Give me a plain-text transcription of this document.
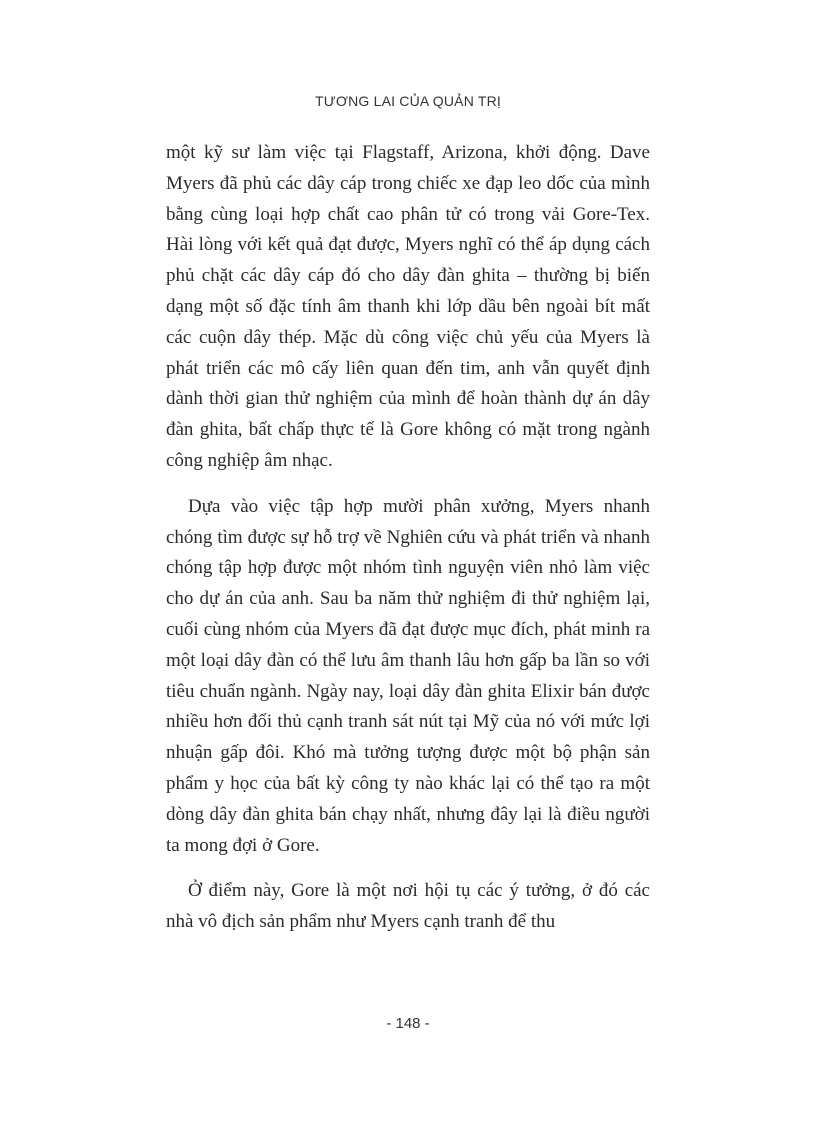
TƯƠNG LAI CỦA QUẢN TRỊ

một kỹ sư làm việc tại Flagstaff, Arizona, khởi động. Dave Myers đã phủ các dây cáp trong chiếc xe đạp leo dốc của mình bằng cùng loại hợp chất cao phân tử có trong vải Gore-Tex. Hài lòng với kết quả đạt được, Myers nghĩ có thể áp dụng cách phủ chặt các dây cáp đó cho dây đàn ghita – thường bị biến dạng một số đặc tính âm thanh khi lớp dầu bên ngoài bít mất các cuộn dây thép. Mặc dù công việc chủ yếu của Myers là phát triển các mô cấy liên quan đến tim, anh vẫn quyết định dành thời gian thử nghiệm của mình để hoàn thành dự án dây đàn ghita, bất chấp thực tế là Gore không có mặt trong ngành công nghiệp âm nhạc.

Dựa vào việc tập hợp mười phân xưởng, Myers nhanh chóng tìm được sự hỗ trợ về Nghiên cứu và phát triển và nhanh chóng tập hợp được một nhóm tình nguyện viên nhỏ làm việc cho dự án của anh. Sau ba năm thử nghiệm đi thử nghiệm lại, cuối cùng nhóm của Myers đã đạt được mục đích, phát minh ra một loại dây đàn có thể lưu âm thanh lâu hơn gấp ba lần so với tiêu chuẩn ngành. Ngày nay, loại dây đàn ghita Elixir bán được nhiều hơn đối thủ cạnh tranh sát nút tại Mỹ của nó với mức lợi nhuận gấp đôi. Khó mà tưởng tượng được một bộ phận sản phẩm y học của bất kỳ công ty nào khác lại có thể tạo ra một dòng dây đàn ghita bán chạy nhất, nhưng đây lại là điều người ta mong đợi ở Gore.

Ở điểm này, Gore là một nơi hội tụ các ý tưởng, ở đó các nhà vô địch sản phẩm như Myers cạnh tranh để thu

- 148 -
